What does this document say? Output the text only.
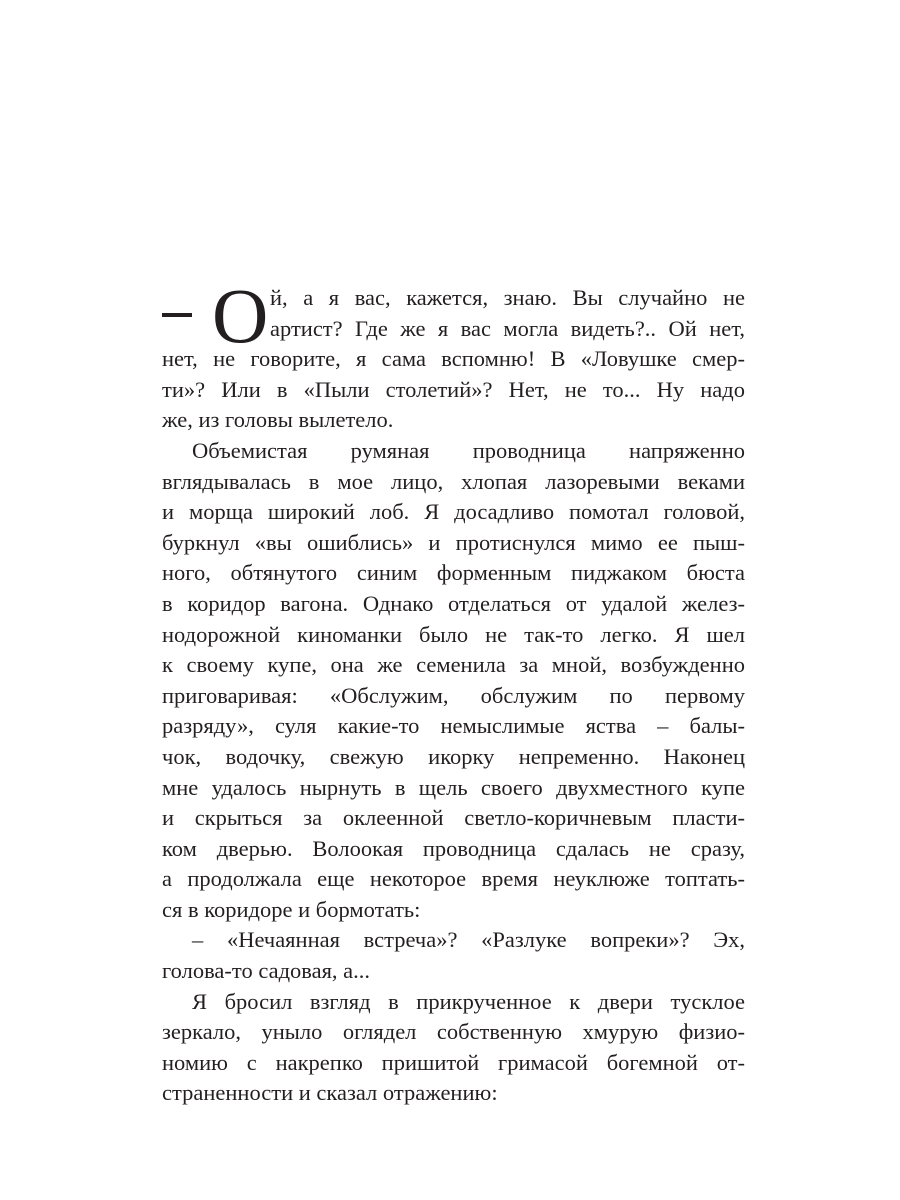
О й, а я вас, кажется, знаю. Вы случайно не
артист? Где же я вас могла видеть?.. Ой нет,
нет, не говорите, я сама вспомню! В «Ловушке смер-
ти»? Или в «Пыли столетий»? Нет, не то... Ну надо
же, из головы вылетело.
Объемистая румяная проводница напряженно
вглядывалась в мое лицо, хлопая лазоревыми веками
и морща широкий лоб. Я досадливо помотал головой,
буркнул «вы ошиблись» и протиснулся мимо ее пыш-
ного, обтянутого синим форменным пиджаком бюста
в коридор вагона. Однако отделаться от удалой желез-
нодорожной киноманки было не так-то легко. Я шел
к своему купе, она же семенила за мной, возбужденно
приговаривая: «Обслужим, обслужим по первому
разряду», суля какие-то немыслимые яства – балы-
чок, водочку, свежую икорку непременно. Наконец
мне удалось нырнуть в щель своего двухместного купе
и скрыться за оклеенной светло-коричневым пласти-
ком дверью. Волоокая проводница сдалась не сразу,
а продолжала еще некоторое время неуклюже топтать-
ся в коридоре и бормотать:
– «Нечаянная встреча»? «Разлуке вопреки»? Эх,
голова-то садовая, а...
Я бросил взгляд в прикрученное к двери тусклое
зеркало, уныло оглядел собственную хмурую физио-
номию с накрепко пришитой гримасой богемной от-
страненности и сказал отражению:
